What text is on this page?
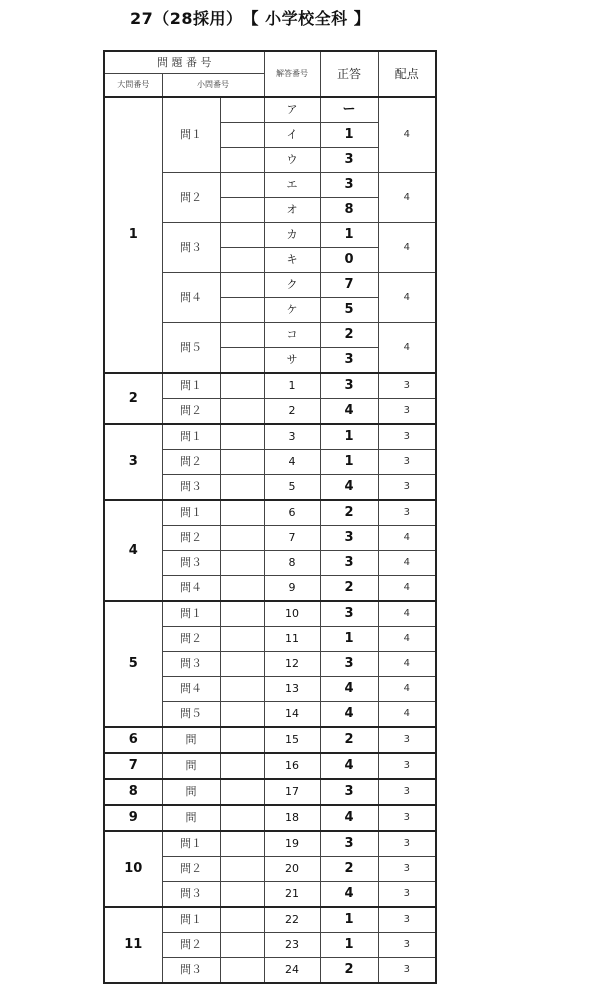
27（28採用） 【 小学校全科 】
問 題 番 号			解答番号	正答	配点
大問番号	小問番号				
1	問１		ア	ー	4
			イ	1	
			ウ	3	
	問２		エ	3	4
			オ	8	
	問３		カ	1	4
			キ	0	
	問４		ク	7	4
			ケ	5	
	問５		コ	2	4
			サ	3	
2	問１		1	3	3
	問２		2	4	3
3	問１		3	1	3
	問２		4	1	3
	問３		5	4	3
4	問１		6	2	3
	問２		7	3	4
	問３		8	3	4
	問４		9	2	4
5	問１		10	3	4
	問２		11	1	4
	問３		12	3	4
	問４		13	4	4
	問５		14	4	4
6	問		15	2	3
7	問		16	4	3
8	問		17	3	3
9	問		18	4	3
10	問１		19	3	3
	問２		20	2	3
	問３		21	4	3
11	問１		22	1	3
	問２		23	1	3
	問３		24	2	3
